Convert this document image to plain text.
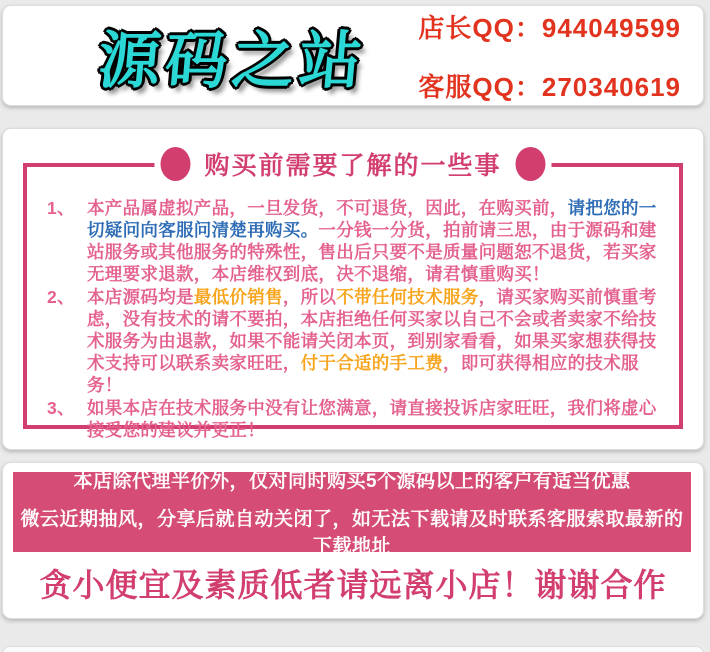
源码之站 店长QQ：944049599
客服QQ：270340619
购买前需要了解的一些事
1、 本产品属虚拟产品，一旦发货，不可退货，因此，在购买前，请把您的一切疑问向客服问清楚再购买。一分钱一分货，拍前请三思，由于源码和建站服务或其他服务的特殊性，售出后只要不是质量问题恕不退货，若买家无理要求退款，本店维权到底，决不退缩，请君慎重购买！
2、 本店源码均是最低价销售，所以不带任何技术服务，请买家购买前慎重考虑，没有技术的请不要拍，本店拒绝任何买家以自己不会或者卖家不给技术服务为由退款，如果不能请关闭本页，到别家看看，如果买家想获得技术支持可以联系卖家旺旺，付于合适的手工费，即可获得相应的技术服务！
3、 如果本店在技术服务中没有让您满意，请直接投诉店家旺旺，我们将虚心接受您的建议并更正！
本店除代理半价外，仅对同时购买5个源码以上的客户有适当优惠
微云近期抽风，分享后就自动关闭了，如无法下载请及时联系客服索取最新的下载地址
贪小便宜及素质低者请远离小店！谢谢合作
